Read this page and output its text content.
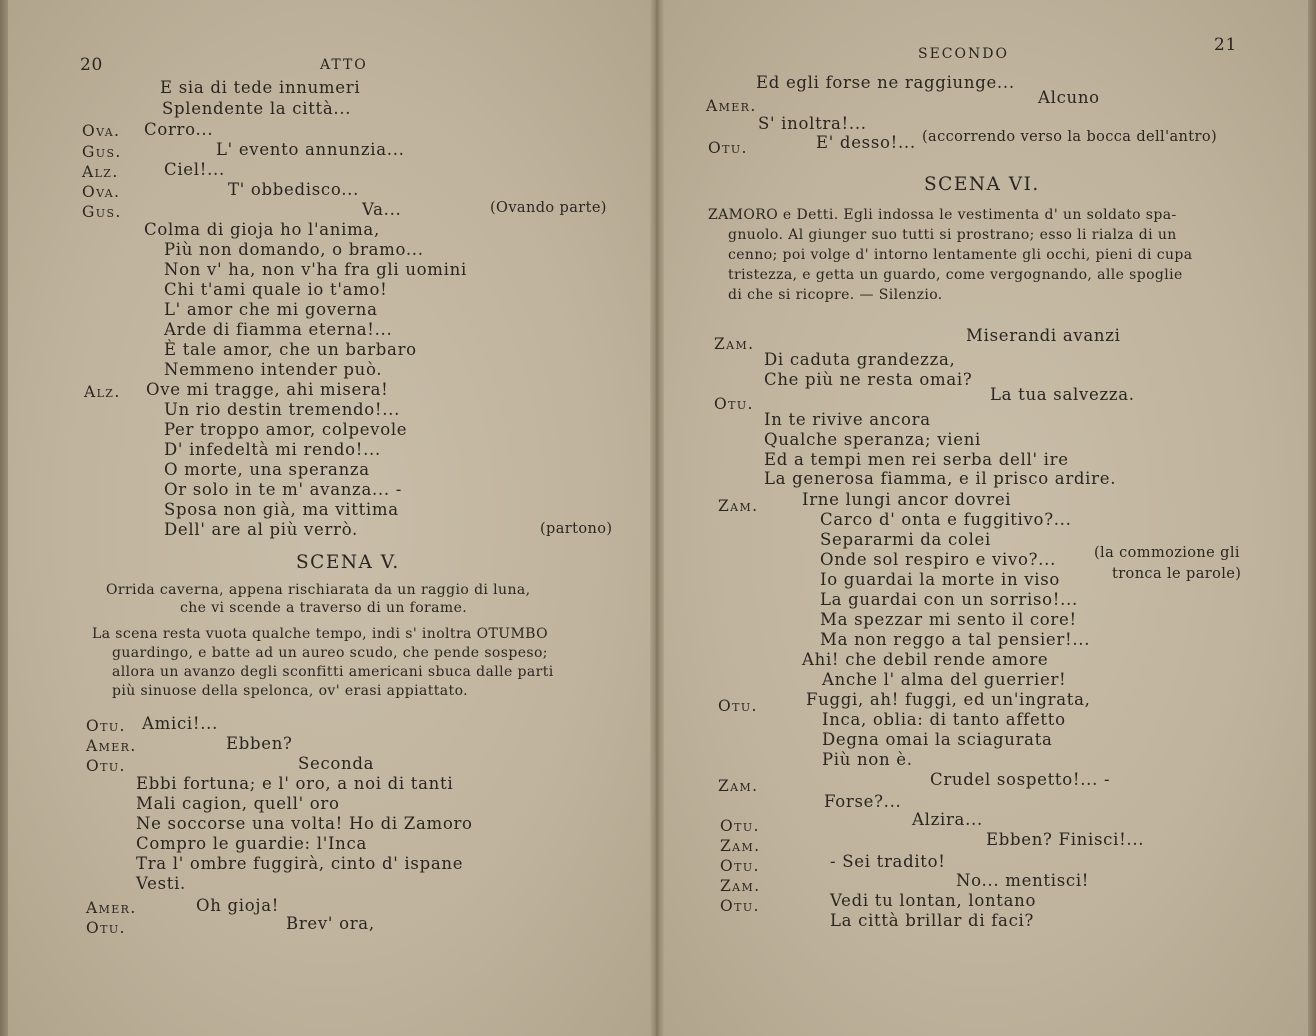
20	ATTO
E sia di tede innumeri
Splendente la città...
Ova. Corro...
Gus.	L' evento annunzia...
Alz.	Ciel!...
Ova.	T' obbedisco...
Gus.	Va...	(Ovando parte)
Colma di gioja ho l'anima,
Più non domando, o bramo...
Non v' ha, non v'ha fra gli uomini
Chi t'ami quale io t'amo!
L' amor che mi governa
Arde di fiamma eterna!...
È tale amor, che un barbaro
Nemmeno intender può.
Alz. Ove mi tragge, ahi misera!
Un rio destin tremendo!...
Per troppo amor, colpevole
D' infedeltà mi rendo!...
O morte, una speranza
Or solo in te m' avanza... -
Sposa non già, ma vittima
Dell' are al più verrò.	(partono)
SCENA V.
Orrida caverna, appena rischiarata da un raggio di luna,
che vi scende a traverso di un forame.
La scena resta vuota qualche tempo, indi s' inoltra OTUMBO
guardingo, e batte ad un aureo scudo, che pende sospeso;
allora un avanzo degli sconfitti americani sbuca dalle parti
più sinuose della spelonca, ov' erasi appiattato.
Otu. Amici!...
Amer.	Ebben?
Otu.	Seconda
Ebbi fortuna; e l' oro, a noi di tanti
Mali cagion, quell' oro
Ne soccorse una volta! Ho di Zamoro
Compro le guardie: l'Inca
Tra l' ombre fuggirà, cinto d' ispane
Vesti.
Amer.	Oh gioja!
Otu.	Brev' ora,
SECONDO	21
Ed egli forse ne raggiunge...
Amer.	Alcuno
S' inoltra!...
Otu.	E' desso!... (accorrendo verso la bocca dell'antro)
SCENA VI.
ZAMORO e Detti. Egli indossa le vestimenta d' un soldato spa-
gnuolo. Al giunger suo tutti si prostrano; esso li rialza di un
cenno; poi volge d' intorno lentamente gli occhi, pieni di cupa
tristezza, e getta un guardo, come vergognando, alle spoglie
di che si ricopre. — Silenzio.
Zam.	Miserandi avanzi
Di caduta grandezza,
Che più ne resta omai?
Otu.	La tua salvezza.
In te rivive ancora
Qualche speranza; vieni
Ed a tempi men rei serba dell' ire
La generosa fiamma, e il prisco ardire.
Zam.	Irne lungi ancor dovrei
Carco d' onta e fuggitivo?...
Separarmi da colei
Onde sol respiro e vivo?...	(la commozione gli
Io guardai la morte in viso	tronca le parole)
La guardai con un sorriso!...
Ma spezzar mi sento il core!
Ma non reggo a tal pensier!...
Ahi! che debil rende amore
Anche l' alma del guerrier!
Otu.	Fuggi, ah! fuggi, ed un'ingrata,
Inca, oblia: di tanto affetto
Degna omai la sciagurata
Più non è.
Zam.	Crudel sospetto!... -
Forse?...
Otu.	Alzira...
Zam.	Ebben? Finisci!...
Otu.	- Sei tradito!
Zam.	No... mentisci!
Otu.	Vedi tu lontan, lontano
La città brillar di faci?
